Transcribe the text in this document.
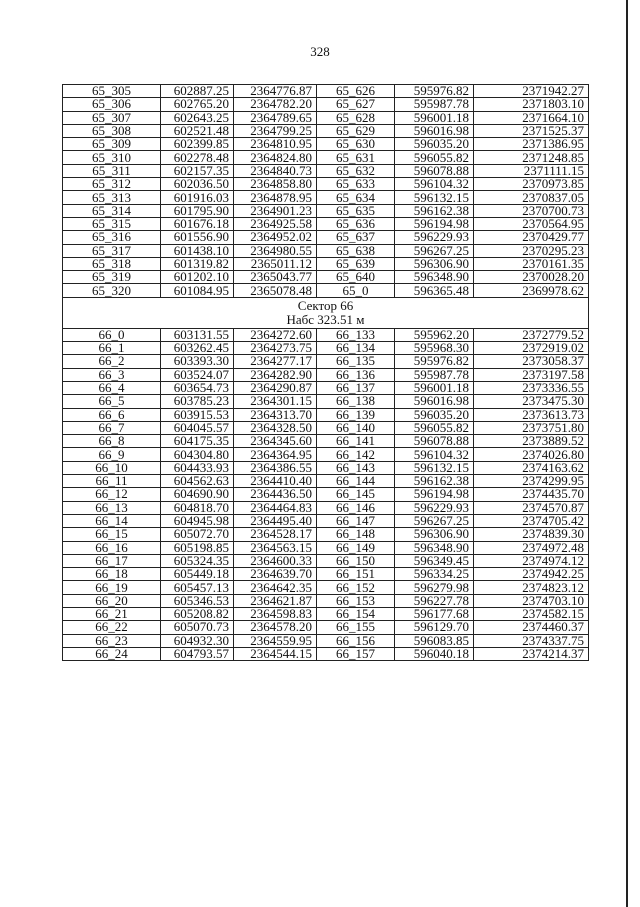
328
65_305	602887.25	2364776.87	65_626	595976.82	2371942.27
65_306	602765.20	2364782.20	65_627	595987.78	2371803.10
65_307	602643.25	2364789.65	65_628	596001.18	2371664.10
65_308	602521.48	2364799.25	65_629	596016.98	2371525.37
65_309	602399.85	2364810.95	65_630	596035.20	2371386.95
65_310	602278.48	2364824.80	65_631	596055.82	2371248.85
65_311	602157.35	2364840.73	65_632	596078.88	2371111.15
65_312	602036.50	2364858.80	65_633	596104.32	2370973.85
65_313	601916.03	2364878.95	65_634	596132.15	2370837.05
65_314	601795.90	2364901.23	65_635	596162.38	2370700.73
65_315	601676.18	2364925.58	65_636	596194.98	2370564.95
65_316	601556.90	2364952.02	65_637	596229.93	2370429.77
65_317	601438.10	2364980.55	65_638	596267.25	2370295.23
65_318	601319.82	2365011.12	65_639	596306.90	2370161.35
65_319	601202.10	2365043.77	65_640	596348.90	2370028.20
65_320	601084.95	2365078.48	65_0	596365.48	2369978.62

Сектор 66
Набс 323.51 м					

66_0	603131.55	2364272.60	66_133	595962.20	2372779.52
66_1	603262.45	2364273.75	66_134	595968.30	2372919.02
66_2	603393.30	2364277.17	66_135	595976.82	2373058.37
66_3	603524.07	2364282.90	66_136	595987.78	2373197.58
66_4	603654.73	2364290.87	66_137	596001.18	2373336.55
66_5	603785.23	2364301.15	66_138	596016.98	2373475.30
66_6	603915.53	2364313.70	66_139	596035.20	2373613.73
66_7	604045.57	2364328.50	66_140	596055.82	2373751.80
66_8	604175.35	2364345.60	66_141	596078.88	2373889.52
66_9	604304.80	2364364.95	66_142	596104.32	2374026.80
66_10	604433.93	2364386.55	66_143	596132.15	2374163.62
66_11	604562.63	2364410.40	66_144	596162.38	2374299.95
66_12	604690.90	2364436.50	66_145	596194.98	2374435.70
66_13	604818.70	2364464.83	66_146	596229.93	2374570.87
66_14	604945.98	2364495.40	66_147	596267.25	2374705.42
66_15	605072.70	2364528.17	66_148	596306.90	2374839.30
66_16	605198.85	2364563.15	66_149	596348.90	2374972.48
66_17	605324.35	2364600.33	66_150	596349.45	2374974.12
66_18	605449.18	2364639.70	66_151	596334.25	2374942.25
66_19	605457.13	2364642.35	66_152	596279.98	2374823.12
66_20	605346.53	2364621.87	66_153	596227.78	2374703.10
66_21	605208.82	2364598.83	66_154	596177.68	2374582.15
66_22	605070.73	2364578.20	66_155	596129.70	2374460.37
66_23	604932.30	2364559.95	66_156	596083.85	2374337.75
66_24	604793.57	2364544.15	66_157	596040.18	2374214.37
